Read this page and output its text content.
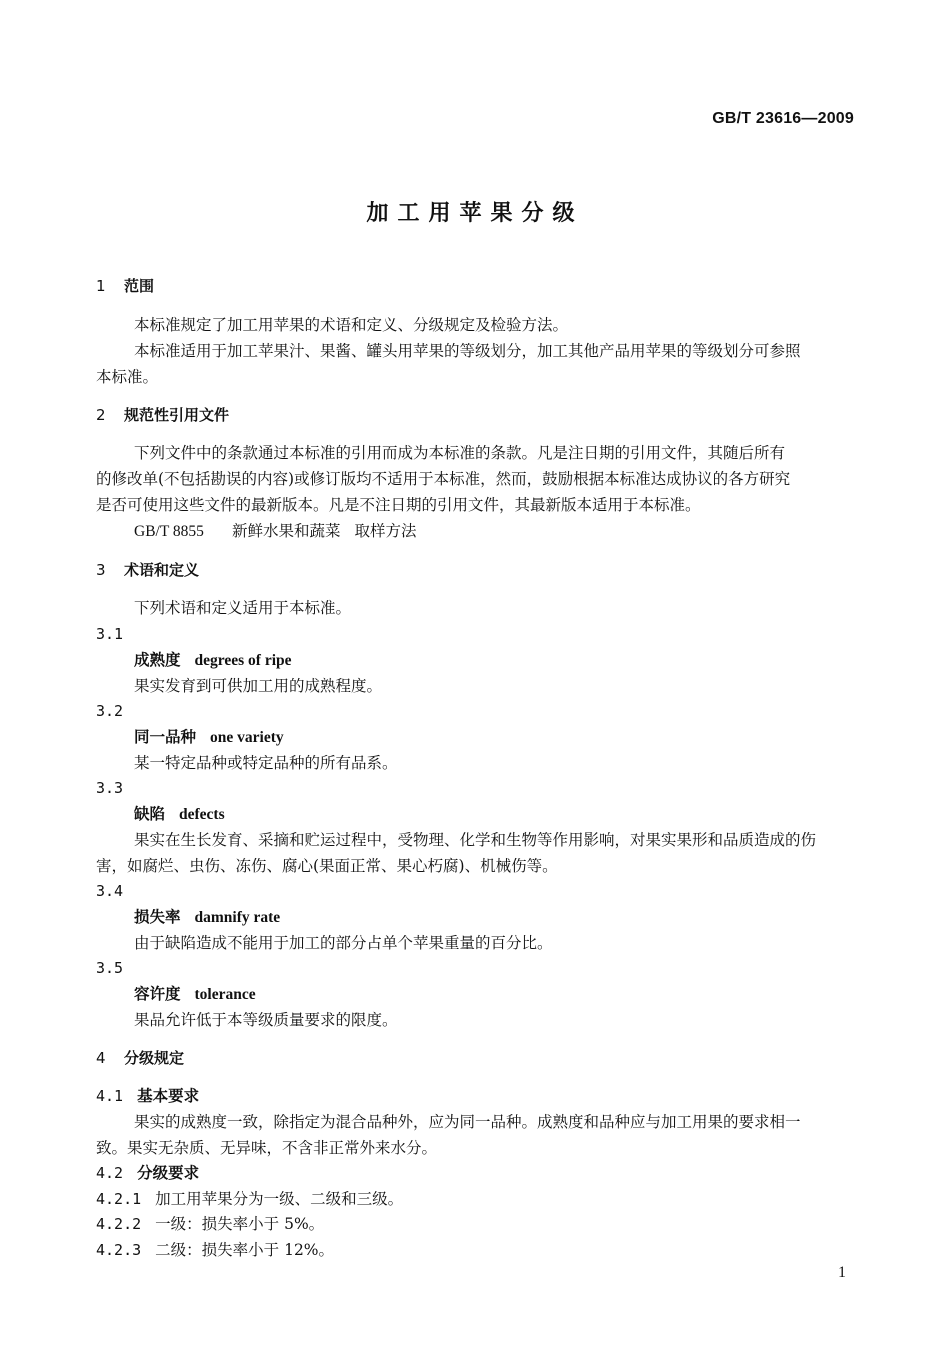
GB/T 23616—2009
加工用苹果分级
1 范围
本标准规定了加工用苹果的术语和定义、分级规定及检验方法。
本标准适用于加工苹果汁、果酱、罐头用苹果的等级划分，加工其他产品用苹果的等级划分可参照
本标准。
2 规范性引用文件
下列文件中的条款通过本标准的引用而成为本标准的条款。凡是注日期的引用文件，其随后所有
的修改单(不包括勘误的内容)或修订版均不适用于本标准，然而，鼓励根据本标准达成协议的各方研究
是否可使用这些文件的最新版本。凡是不注日期的引用文件，其最新版本适用于本标准。
GB/T 8855 新鲜水果和蔬菜 取样方法
3 术语和定义
下列术语和定义适用于本标准。
3.1
成熟度 degrees of ripe
果实发育到可供加工用的成熟程度。
3.2
同一品种 one variety
某一特定品种或特定品种的所有品系。
3.3
缺陷 defects
果实在生长发育、采摘和贮运过程中，受物理、化学和生物等作用影响，对果实果形和品质造成的伤
害，如腐烂、虫伤、冻伤、腐心(果面正常、果心朽腐)、机械伤等。
3.4
损失率 damnify rate
由于缺陷造成不能用于加工的部分占单个苹果重量的百分比。
3.5
容许度 tolerance
果品允许低于本等级质量要求的限度。
4 分级规定
4.1 基本要求
果实的成熟度一致，除指定为混合品种外，应为同一品种。成熟度和品种应与加工用果的要求相一
致。果实无杂质、无异味，不含非正常外来水分。
4.2 分级要求
4.2.1 加工用苹果分为一级、二级和三级。
4.2.2 一级：损失率小于 5%。
4.2.3 二级：损失率小于 12%。
1
